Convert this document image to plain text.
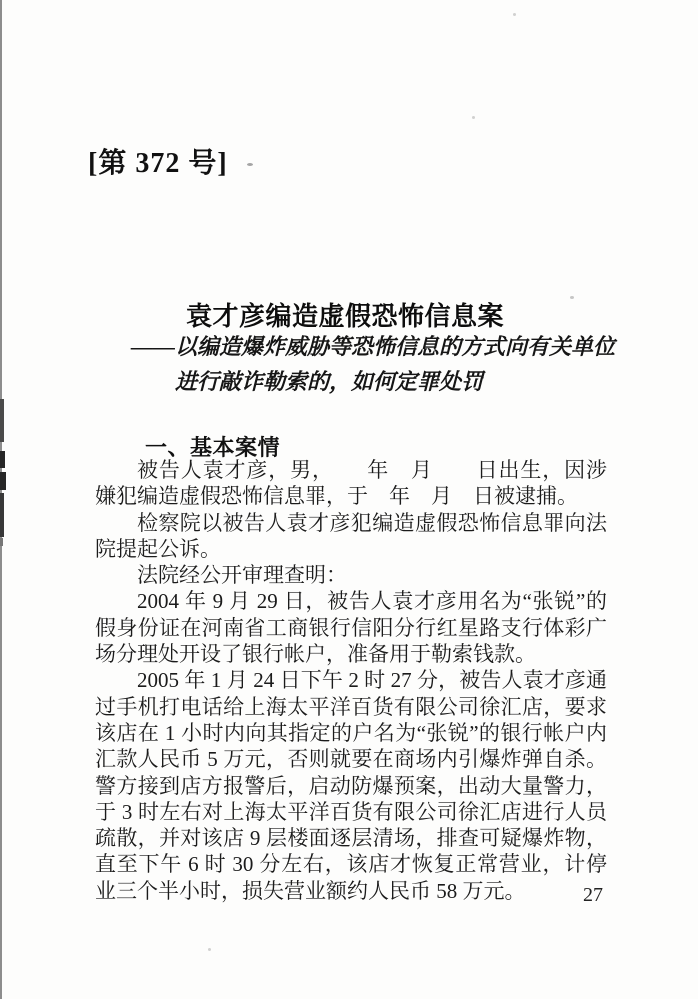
[第 372 号]
袁才彦编造虚假恐怖信息案
——以编造爆炸威胁等恐怖信息的方式向有关单位
进行敲诈勒索的，如何定罪处罚
一、基本案情

被告人袁才彦，男，　　年　月　　日出生，因涉嫌犯编造虚假恐怖信息罪，于　年　月　日被逮捕。

检察院以被告人袁才彦犯编造虚假恐怖信息罪向法院提起公诉。

法院经公开审理查明：

2004 年 9 月 29 日，被告人袁才彦用名为“张锐”的假身份证在河南省工商银行信阳分行红星路支行体彩广场分理处开设了银行帐户，准备用于勒索钱款。

2005 年 1 月 24 日下午 2 时 27 分，被告人袁才彦通过手机打电话给上海太平洋百货有限公司徐汇店，要求该店在 1 小时内向其指定的户名为“张锐”的银行帐户内汇款人民币 5 万元，否则就要在商场内引爆炸弹自杀。警方接到店方报警后，启动防爆预案，出动大量警力，于 3 时左右对上海太平洋百货有限公司徐汇店进行人员疏散，并对该店 9 层楼面逐层清场，排查可疑爆炸物，直至下午 6 时 30 分左右，该店才恢复正常营业，计停业三个半小时，损失营业额约人民币 58 万元。	27
